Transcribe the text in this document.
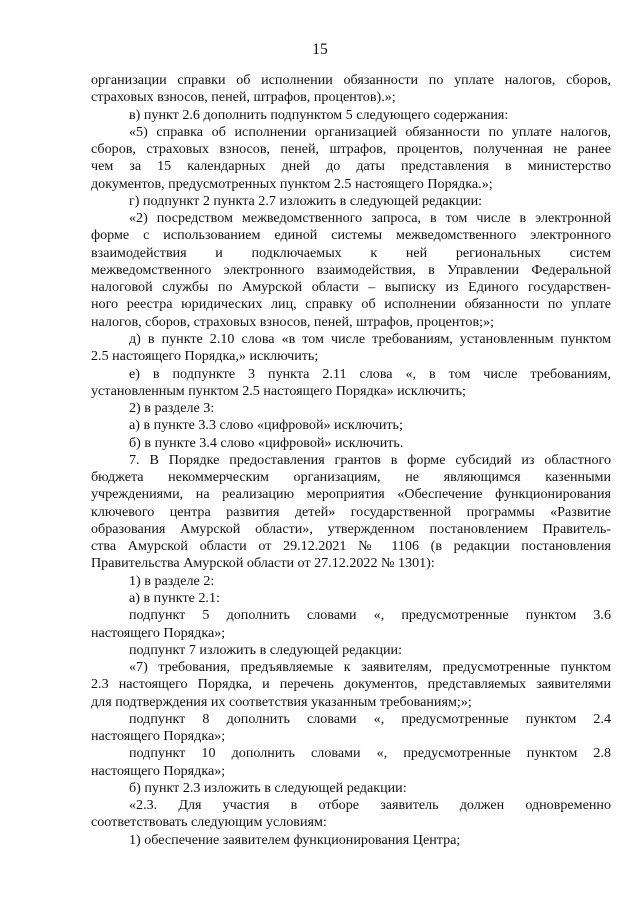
15
организации справки об исполнении обязанности по уплате налогов, сборов,
страховых взносов, пеней, штрафов, процентов).»;
в) пункт 2.6 дополнить подпунктом 5 следующего содержания:
«5) справка об исполнении организацией обязанности по уплате налогов,
сборов, страховых взносов, пеней, штрафов, процентов, полученная не ранее
чем за 15 календарных дней до даты представления в министерство
документов, предусмотренных пунктом 2.5 настоящего Порядка.»;
г) подпункт 2 пункта 2.7 изложить в следующей редакции:
«2) посредством межведомственного запроса, в том числе в электронной
форме с использованием единой системы межведомственного электронного
взаимодействия и подключаемых к ней региональных систем
межведомственного электронного взаимодействия, в Управлении Федеральной
налоговой службы по Амурской области – выписку из Единого государствен-
ного реестра юридических лиц, справку об исполнении обязанности по уплате
налогов, сборов, страховых взносов, пеней, штрафов, процентов;»;
д) в пункте 2.10 слова «в том числе требованиям, установленным пунктом
2.5 настоящего Порядка,» исключить;
е) в подпункте 3 пункта 2.11 слова «, в том числе требованиям,
установленным пунктом 2.5 настоящего Порядка» исключить;
2) в разделе 3:
а) в пункте 3.3 слово «цифровой» исключить;
б) в пункте 3.4 слово «цифровой» исключить.
7. В Порядке предоставления грантов в форме субсидий из областного
бюджета некоммерческим организациям, не являющимся казенными
учреждениями, на реализацию мероприятия «Обеспечение функционирования
ключевого центра развития детей» государственной программы «Развитие
образования Амурской области», утвержденном постановлением Правитель-
ства Амурской области от 29.12.2021 № 1106 (в редакции постановления
Правительства Амурской области от 27.12.2022 № 1301):
1) в разделе 2:
а) в пункте 2.1:
подпункт 5 дополнить словами «, предусмотренные пунктом 3.6
настоящего Порядка»;
подпункт 7 изложить в следующей редакции:
«7) требования, предъявляемые к заявителям, предусмотренные пунктом
2.3 настоящего Порядка, и перечень документов, представляемых заявителями
для подтверждения их соответствия указанным требованиям;»;
подпункт 8 дополнить словами «, предусмотренные пунктом 2.4
настоящего Порядка»;
подпункт 10 дополнить словами «, предусмотренные пунктом 2.8
настоящего Порядка»;
б) пункт 2.3 изложить в следующей редакции:
«2.3. Для участия в отборе заявитель должен одновременно
соответствовать следующим условиям:
1) обеспечение заявителем функционирования Центра;
